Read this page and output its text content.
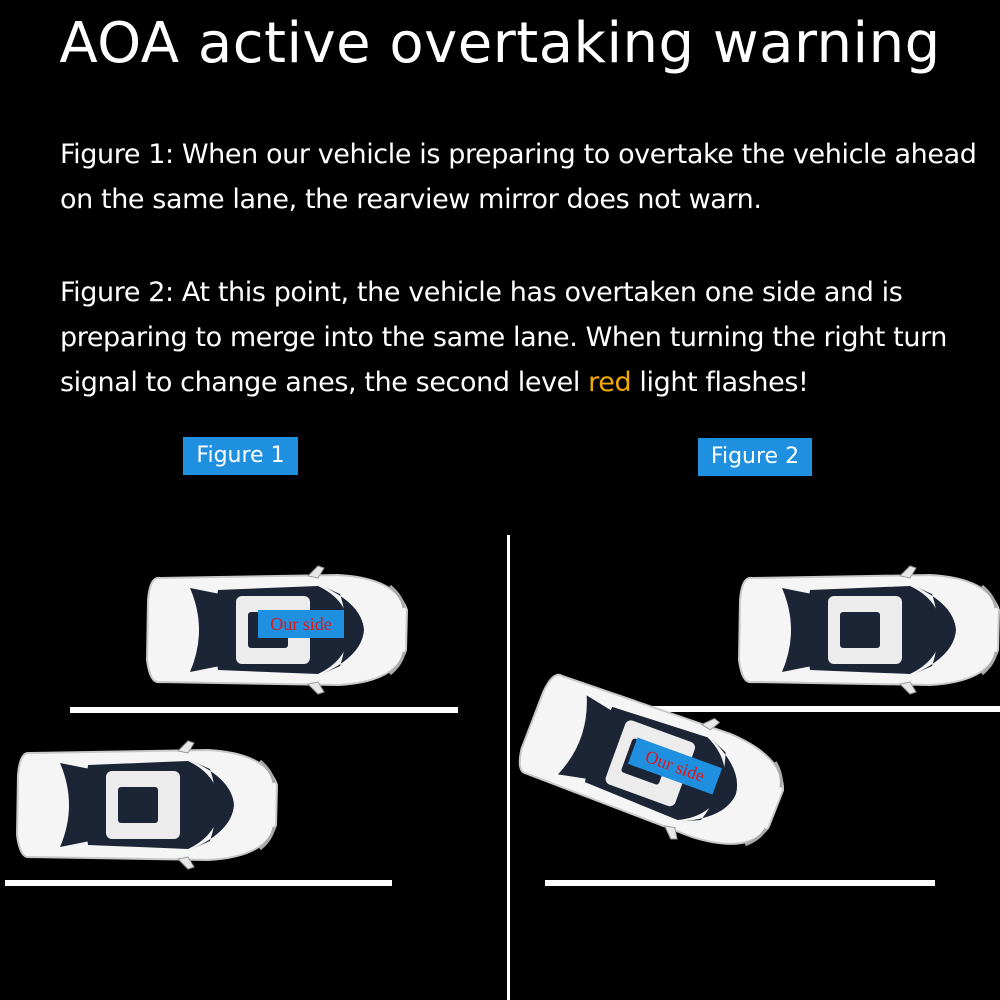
AOA active overtaking warning
Figure 1: When our vehicle is preparing to overtake the vehicle ahead on the same lane, the rearview mirror does not warn.
Figure 2: At this point, the vehicle has overtaken one side and is preparing to merge into the same lane. When turning the right turn signal to change anes, the second level red light flashes!
Figure 1	Figure 2
Our side
Our side
